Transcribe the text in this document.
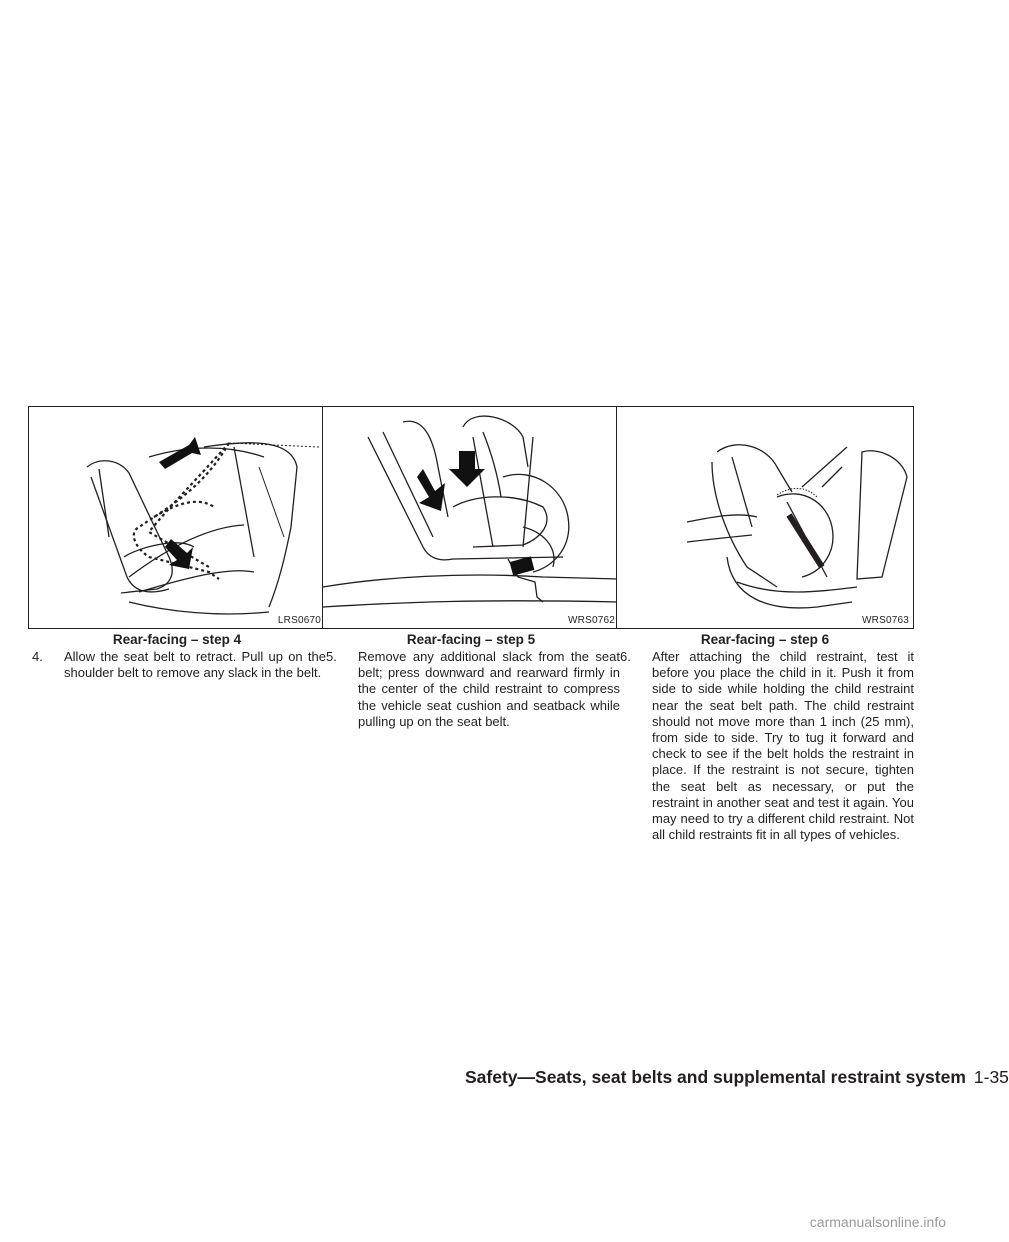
LRS0670
Rear-facing – step 4
WRS0762
Rear-facing – step 5
WRS0763
Rear-facing – step 6

4. Allow the seat belt to retract. Pull up on the shoulder belt to remove any slack in the belt.

5. Remove any additional slack from the seat belt; press downward and rearward firmly in the center of the child restraint to compress the vehicle seat cushion and seatback while pulling up on the seat belt.

6. After attaching the child restraint, test it before you place the child in it. Push it from side to side while holding the child restraint near the seat belt path. The child restraint should not move more than 1 inch (25 mm), from side to side. Try to tug it forward and check to see if the belt holds the restraint in place. If the restraint is not secure, tighten the seat belt as necessary, or put the restraint in another seat and test it again. You may need to try a different child restraint. Not all child restraints fit in all types of vehicles.

Safety—Seats, seat belts and supplemental restraint system 1-35
carmanualsonline.info
